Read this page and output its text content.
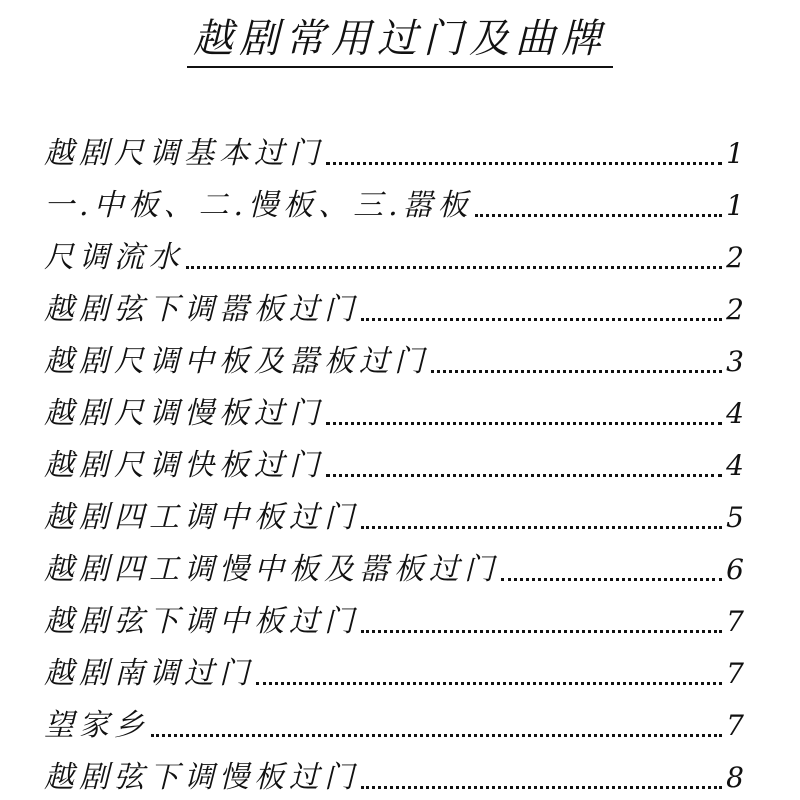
越剧常用过门及曲牌
越剧尺调基本过门	1
一.中板、二.慢板、三.嚣板	1
尺调流水	2
越剧弦下调嚣板过门	2
越剧尺调中板及嚣板过门	3
越剧尺调慢板过门	4
越剧尺调快板过门	4
越剧四工调中板过门	5
越剧四工调慢中板及嚣板过门	6
越剧弦下调中板过门	7
越剧南调过门	7
望家乡	7
越剧弦下调慢板过门	8
